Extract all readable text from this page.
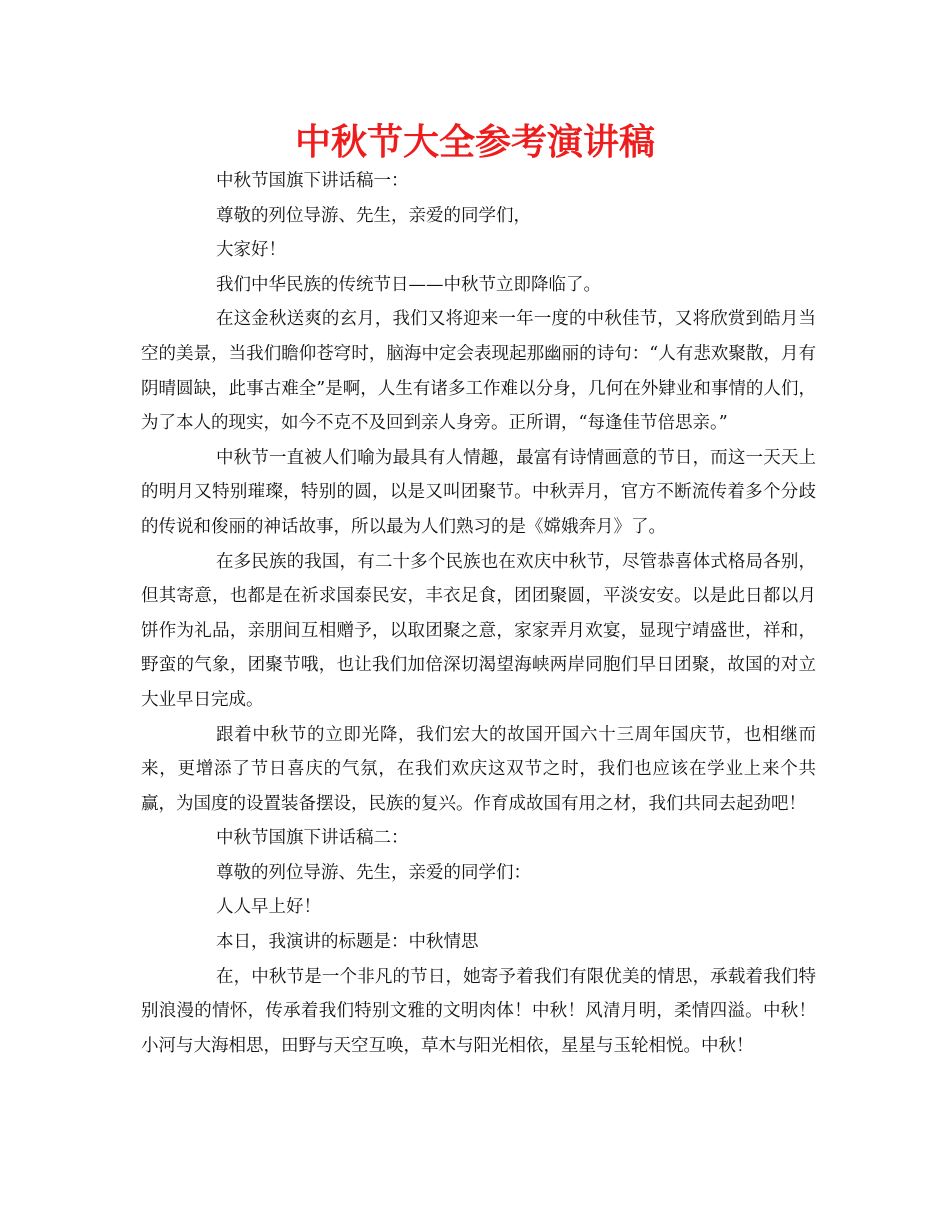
中秋节大全参考演讲稿

中秋节国旗下讲话稿一：

尊敬的列位导游、先生，亲爱的同学们，

大家好！

我们中华民族的传统节日——中秋节立即降临了。

在这金秋送爽的玄月，我们又将迎来一年一度的中秋佳节，又将欣赏到皓月当空的美景，当我们瞻仰苍穹时，脑海中定会表现起那幽丽的诗句：“人有悲欢聚散，月有阴晴圆缺，此事古难全”是啊，人生有诸多工作难以分身，几何在外肄业和事情的人们，为了本人的现实，如今不克不及回到亲人身旁。正所谓，“每逢佳节倍思亲。”

中秋节一直被人们喻为最具有人情趣，最富有诗情画意的节日，而这一天天上的明月又特别璀璨，特别的圆，以是又叫团聚节。中秋弄月，官方不断流传着多个分歧的传说和俊丽的神话故事，所以最为人们熟习的是《嫦娥奔月》了。

在多民族的我国，有二十多个民族也在欢庆中秋节，尽管恭喜体式格局各别，但其寄意，也都是在祈求国泰民安，丰衣足食，团团聚圆，平淡安安。以是此日都以月饼作为礼品，亲朋间互相赠予，以取团聚之意，家家弄月欢宴，显现宁靖盛世，祥和，野蛮的气象，团聚节哦，也让我们加倍深切渴望海峡两岸同胞们早日团聚，故国的对立大业早日完成。

跟着中秋节的立即光降，我们宏大的故国开国六十三周年国庆节，也相继而来，更增添了节日喜庆的气氛，在我们欢庆这双节之时，我们也应该在学业上来个共赢，为国度的设置装备摆设，民族的复兴。作育成故国有用之材，我们共同去起劲吧！

中秋节国旗下讲话稿二：

尊敬的列位导游、先生，亲爱的同学们：

人人早上好！

本日，我演讲的标题是：中秋情思

在，中秋节是一个非凡的节日，她寄予着我们有限优美的情思，承载着我们特别浪漫的情怀，传承着我们特别文雅的文明肉体！中秋！风清月明，柔情四溢。中秋！小河与大海相思，田野与天空互唤，草木与阳光相依，星星与玉轮相悦。中秋！
